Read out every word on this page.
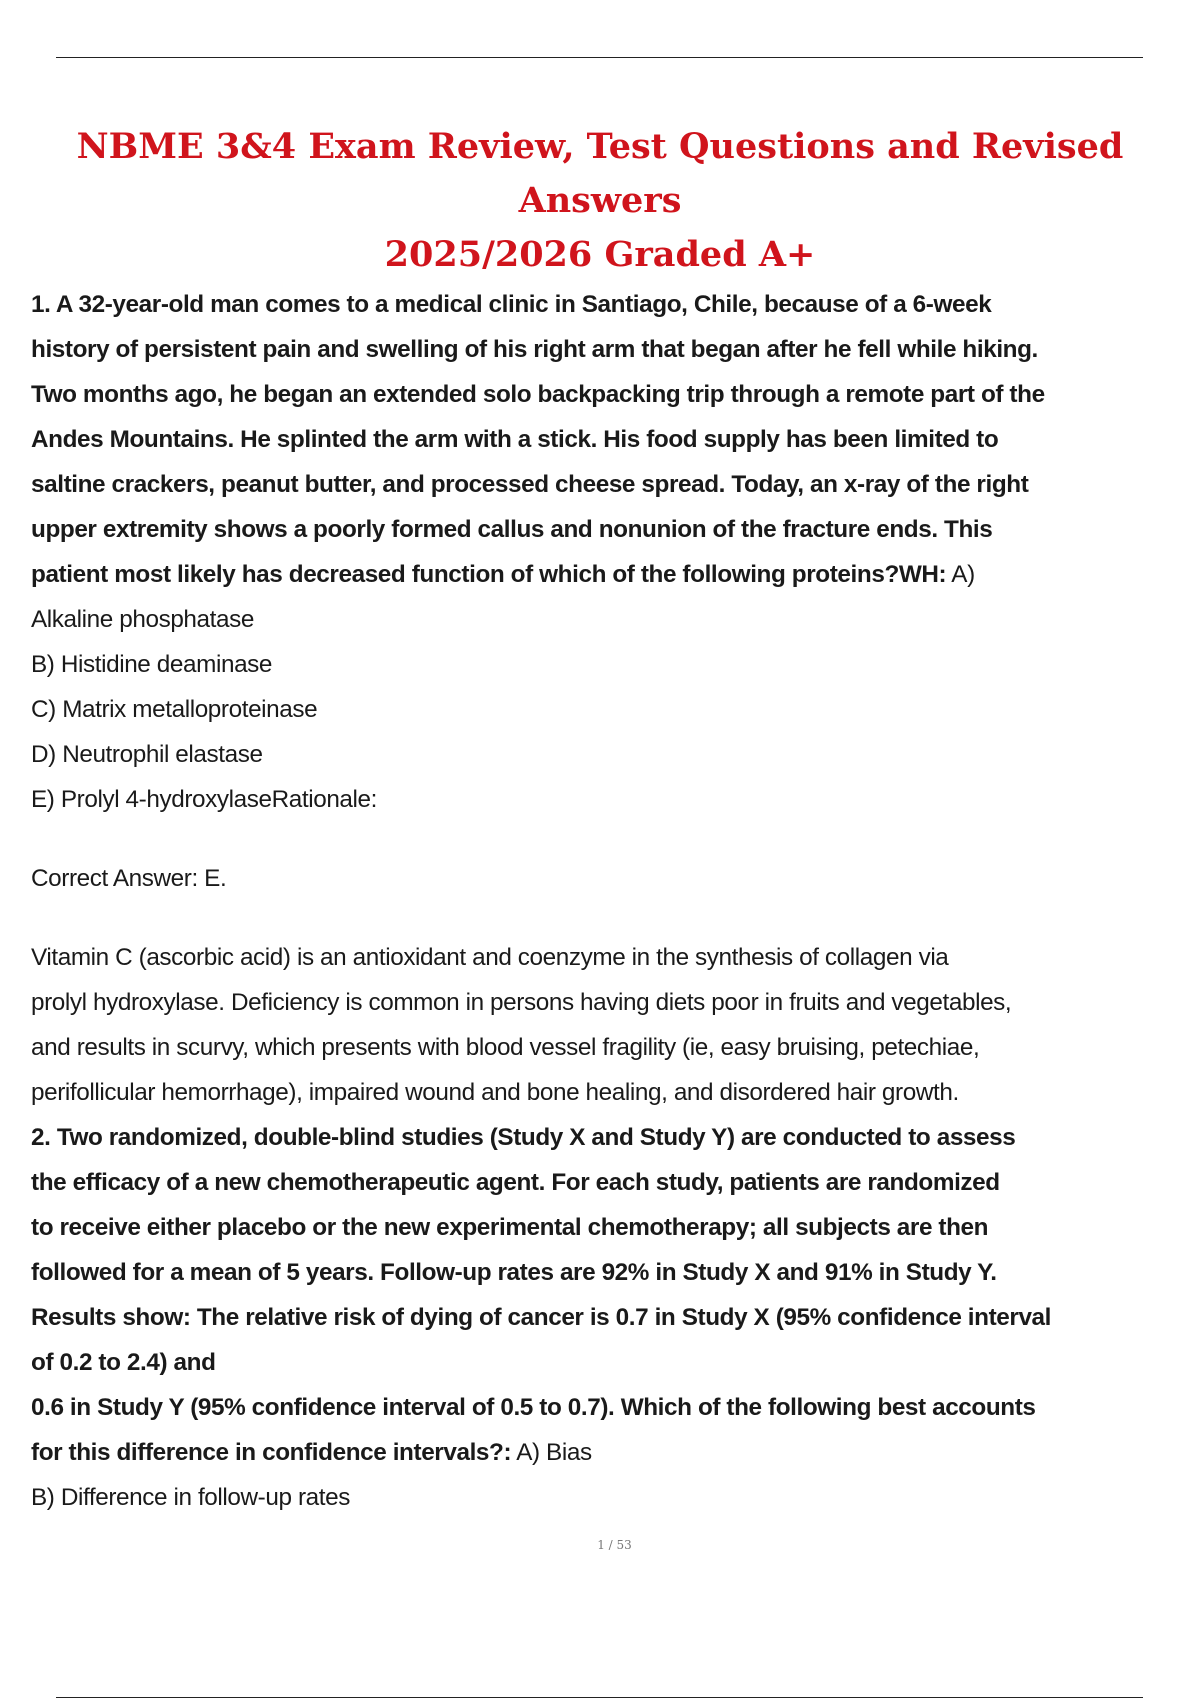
NBME 3&4 Exam Review, Test Questions and Revised Answers
2025/2026 Graded A+
1. A 32-year-old man comes to a medical clinic in Santiago, Chile, because of a 6-week
history of persistent pain and swelling of his right arm that began after he fell while hiking.
Two months ago, he began an extended solo backpacking trip through a remote part of the
Andes Mountains. He splinted the arm with a stick. His food supply has been limited to
saltine crackers, peanut butter, and processed cheese spread. Today, an x-ray of the right
upper extremity shows a poorly formed callus and nonunion of the fracture ends. This
patient most likely has decreased function of which of the following proteins?WH: A)
Alkaline phosphatase
B) Histidine deaminase
C) Matrix metalloproteinase
D) Neutrophil elastase
E) Prolyl 4-hydroxylaseRationale:
Correct Answer: E.
Vitamin C (ascorbic acid) is an antioxidant and coenzyme in the synthesis of collagen via
prolyl hydroxylase. Deficiency is common in persons having diets poor in fruits and vegetables,
and results in scurvy, which presents with blood vessel fragility (ie, easy bruising, petechiae,
perifollicular hemorrhage), impaired wound and bone healing, and disordered hair growth.
2. Two randomized, double-blind studies (Study X and Study Y) are conducted to assess
the efficacy of a new chemotherapeutic agent. For each study, patients are randomized
to receive either placebo or the new experimental chemotherapy; all subjects are then
followed for a mean of 5 years. Follow-up rates are 92% in Study X and 91% in Study Y.
Results show: The relative risk of dying of cancer is 0.7 in Study X (95% confidence interval
of 0.2 to 2.4) and
0.6 in Study Y (95% confidence interval of 0.5 to 0.7). Which of the following best accounts
for this difference in confidence intervals?: A) Bias
B) Difference in follow-up rates
1 / 53
